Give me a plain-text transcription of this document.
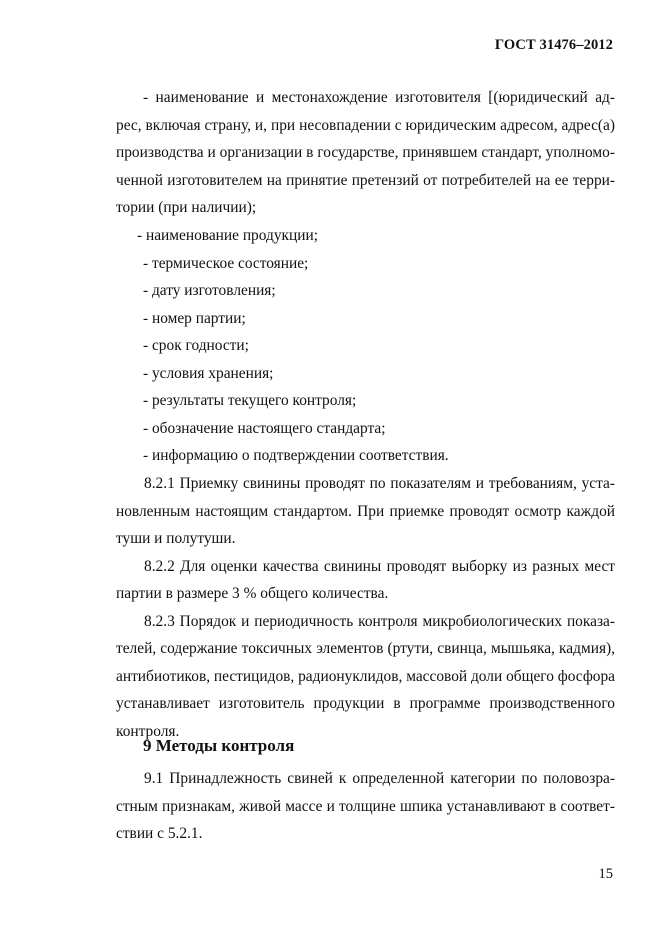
ГОСТ 31476–2012
- наименование и местонахождение изготовителя [(юридический ад-
рес, включая страну, и, при несовпадении с юридическим адресом, адрес(а)
производства и организации в государстве, принявшем стандарт, уполномо-
ченной изготовителем на принятие претензий от потребителей на ее терри-
тории (при наличии);
- наименование продукции;
- термическое состояние;
- дату изготовления;
- номер партии;
- срок годности;
- условия хранения;
- результаты текущего контроля;
- обозначение настоящего стандарта;
- информацию о подтверждении соответствия.
8.2.1 Приемку свинины проводят по показателям и требованиям, уста-
новленным настоящим стандартом. При приемке проводят осмотр каждой
туши и полутуши.
8.2.2 Для оценки качества свинины проводят выборку из разных мест
партии в размере 3 % общего количества.
8.2.3 Порядок и периодичность контроля микробиологических показа-
телей, содержание токсичных элементов (ртути, свинца, мышьяка, кадмия),
антибиотиков, пестицидов, радионуклидов, массовой доли общего фосфора
устанавливает изготовитель продукции в программе производственного
контроля.
9 Методы контроля
9.1 Принадлежность свиней к определенной категории по половозра-
стным признакам, живой массе и толщине шпика устанавливают в соответ-
ствии с 5.2.1.
15
